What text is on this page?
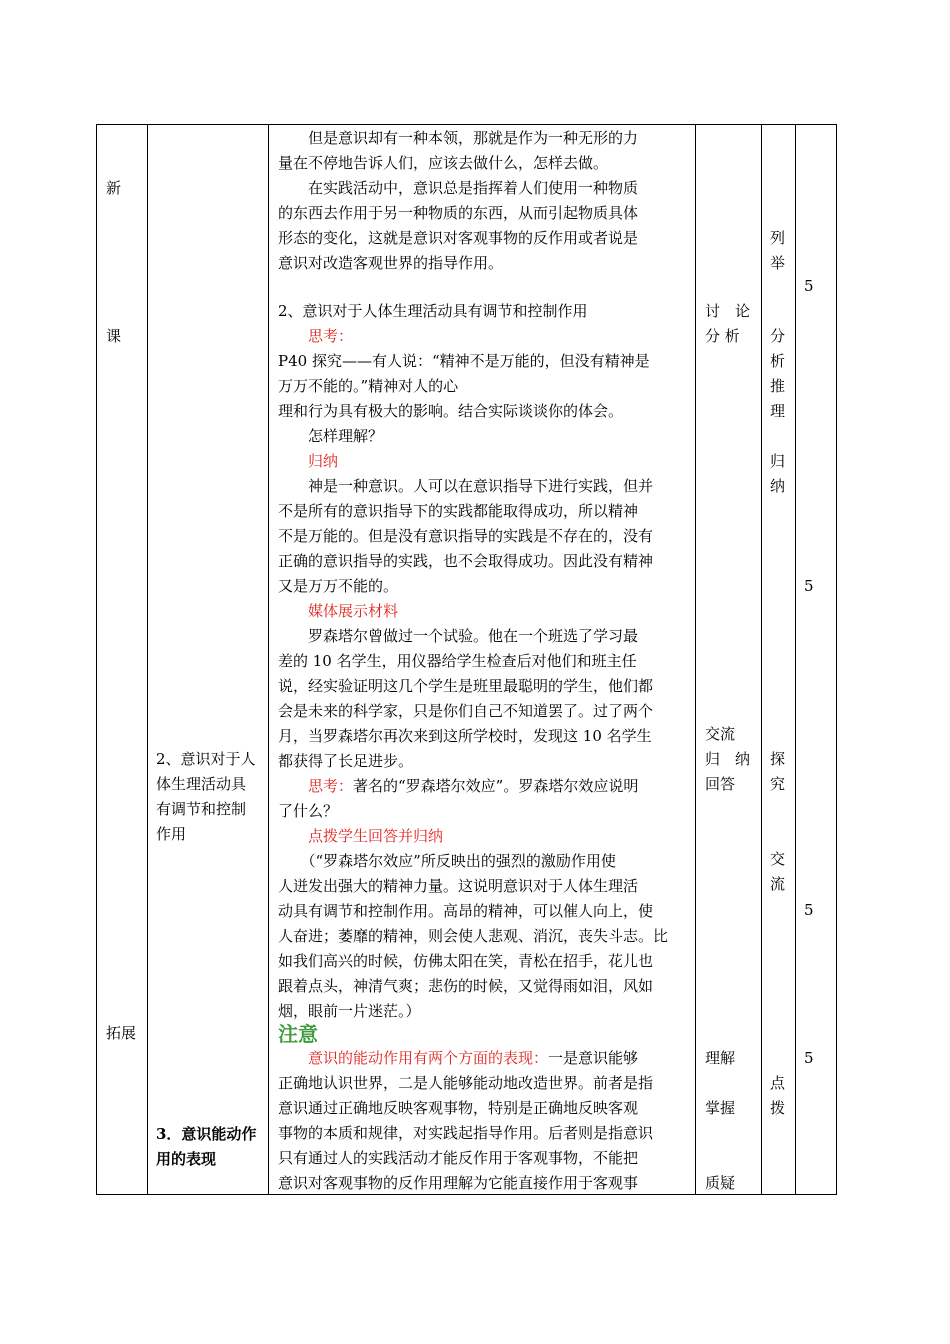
新
课
拓展
2、意识对于人
体生理活动具
有调节和控制
作用
3．意识能动作
用的表现
　　但是意识却有一种本领，那就是作为一种无形的力
量在不停地告诉人们，应该去做什么，怎样去做。
　　在实践活动中，意识总是指挥着人们使用一种物质
的东西去作用于另一种物质的东西，从而引起物质具体
形态的变化，这就是意识对客观事物的反作用或者说是
意识对改造客观世界的指导作用。
2、意识对于人体生理活动具有调节和控制作用
　　思考：
P40 探究——有人说：“精神不是万能的，但没有精神是
万万不能的。”精神对人的心
理和行为具有极大的影响。结合实际谈谈你的体会。
　　怎样理解？
　　归纳
　　神是一种意识。人可以在意识指导下进行实践，但并
不是所有的意识指导下的实践都能取得成功，所以精神
不是万能的。但是没有意识指导的实践是不存在的，没有
正确的意识指导的实践，也不会取得成功。因此没有精神
又是万万不能的。
　　媒体展示材料
　　罗森塔尔曾做过一个试验。他在一个班选了学习最
差的 10 名学生，用仪器给学生检查后对他们和班主任
说，经实验证明这几个学生是班里最聪明的学生，他们都
会是未来的科学家，只是你们自己不知道罢了。过了两个
月，当罗森塔尔再次来到这所学校时，发现这 10 名学生
都获得了长足进步。
　　思考：著名的“罗森塔尔效应”。罗森塔尔效应说明
了什么？
　　点拨学生回答并归纳
　　（“罗森塔尔效应”所反映出的强烈的激励作用使
人迸发出强大的精神力量。这说明意识对于人体生理活
动具有调节和控制作用。高昂的精神，可以催人向上，使
人奋进；萎靡的精神，则会使人悲观、消沉，丧失斗志。比
如我们高兴的时候，仿佛太阳在笑，青松在招手，花儿也
跟着点头，神清气爽；悲伤的时候，又觉得雨如泪，风如
烟，眼前一片迷茫。）
注意
　　意识的能动作用有两个方面的表现：一是意识能够
正确地认识世界，二是人能够能动地改造世界。前者是指
意识通过正确地反映客观事物，特别是正确地反映客观
事物的本质和规律，对实践起指导作用。后者则是指意识
只有通过人的实践活动才能反作用于客观事物，不能把
意识对客观事物的反作用理解为它能直接作用于客观事
讨　论
分 析
交流
归　纳
回答
理解
掌握
质疑
列
举
分
析
推
理
归
纳
探
究
交
流
点
拨
5
5
5
5
